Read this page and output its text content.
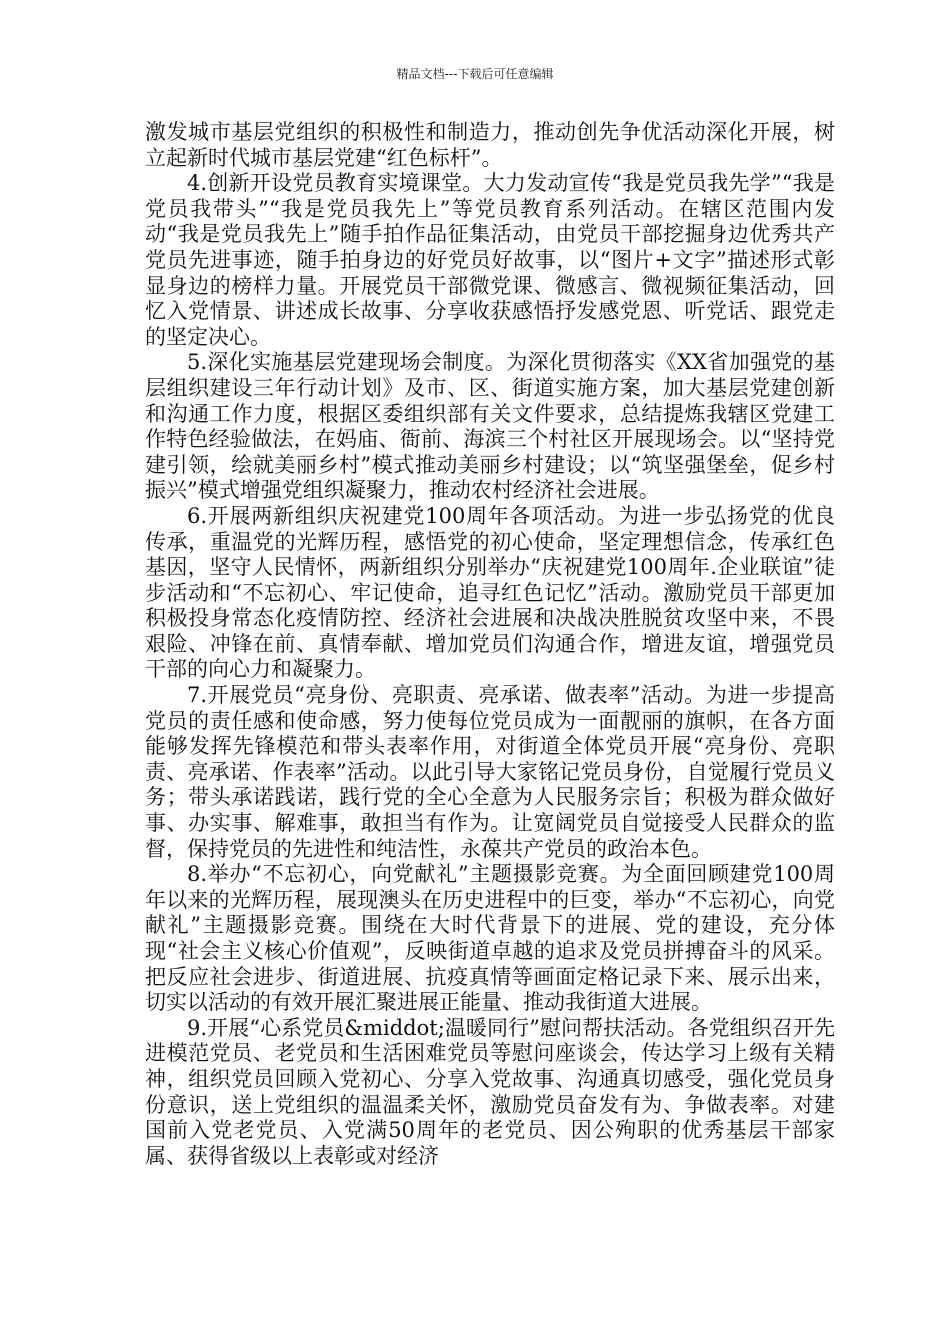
精品文档---下载后可任意编辑

激发城市基层党组织的积极性和制造力，推动创先争优活动深化开展，树立起新时代城市基层党建“红色标杆”。

4.创新开设党员教育实境课堂。大力发动宣传“我是党员我先学”“我是党员我带头”“我是党员我先上”等党员教育系列活动。在辖区范围内发动“我是党员我先上”随手拍作品征集活动，由党员干部挖掘身边优秀共产党员先进事迹，随手拍身边的好党员好故事，以“图片+文字”描述形式彰显身边的榜样力量。开展党员干部微党课、微感言、微视频征集活动，回忆入党情景、讲述成长故事、分享收获感悟抒发感党恩、听党话、跟党走的坚定决心。

5.深化实施基层党建现场会制度。为深化贯彻落实《XX省加强党的基层组织建设三年行动计划》及市、区、街道实施方案，加大基层党建创新和沟通工作力度，根据区委组织部有关文件要求，总结提炼我辖区党建工作特色经验做法，在妈庙、衙前、海滨三个村社区开展现场会。以“坚持党建引领，绘就美丽乡村”模式推动美丽乡村建设；以“筑坚强堡垒，促乡村振兴”模式增强党组织凝聚力，推动农村经济社会进展。

6.开展两新组织庆祝建党100周年各项活动。为进一步弘扬党的优良传承，重温党的光辉历程，感悟党的初心使命，坚定理想信念，传承红色基因，坚守人民情怀，两新组织分别举办“庆祝建党100周年.企业联谊”徒步活动和“不忘初心、牢记使命，追寻红色记忆”活动。激励党员干部更加积极投身常态化疫情防控、经济社会进展和决战决胜脱贫攻坚中来，不畏艰险、冲锋在前、真情奉献、增加党员们沟通合作，增进友谊，增强党员干部的向心力和凝聚力。

7.开展党员“亮身份、亮职责、亮承诺、做表率”活动。为进一步提高党员的责任感和使命感，努力使每位党员成为一面靓丽的旗帜，在各方面能够发挥先锋模范和带头表率作用，对街道全体党员开展“亮身份、亮职责、亮承诺、作表率”活动。以此引导大家铭记党员身份，自觉履行党员义务；带头承诺践诺，践行党的全心全意为人民服务宗旨；积极为群众做好事、办实事、解难事，敢担当有作为。让宽阔党员自觉接受人民群众的监督，保持党员的先进性和纯洁性，永葆共产党员的政治本色。

8.举办“不忘初心，向党献礼”主题摄影竞赛。为全面回顾建党100周年以来的光辉历程，展现澳头在历史进程中的巨变，举办“不忘初心，向党献礼”主题摄影竞赛。围绕在大时代背景下的进展、党的建设，充分体现“社会主义核心价值观”，反映街道卓越的追求及党员拼搏奋斗的风采。把反应社会进步、街道进展、抗疫真情等画面定格记录下来、展示出来，切实以活动的有效开展汇聚进展正能量、推动我街道大进展。

9.开展“心系党员&middot;温暖同行”慰问帮扶活动。各党组织召开先进模范党员、老党员和生活困难党员等慰问座谈会，传达学习上级有关精神，组织党员回顾入党初心、分享入党故事、沟通真切感受，强化党员身份意识，送上党组织的温温柔关怀，激励党员奋发有为、争做表率。对建国前入党老党员、入党满50周年的老党员、因公殉职的优秀基层干部家属、获得省级以上表彰或对经济
